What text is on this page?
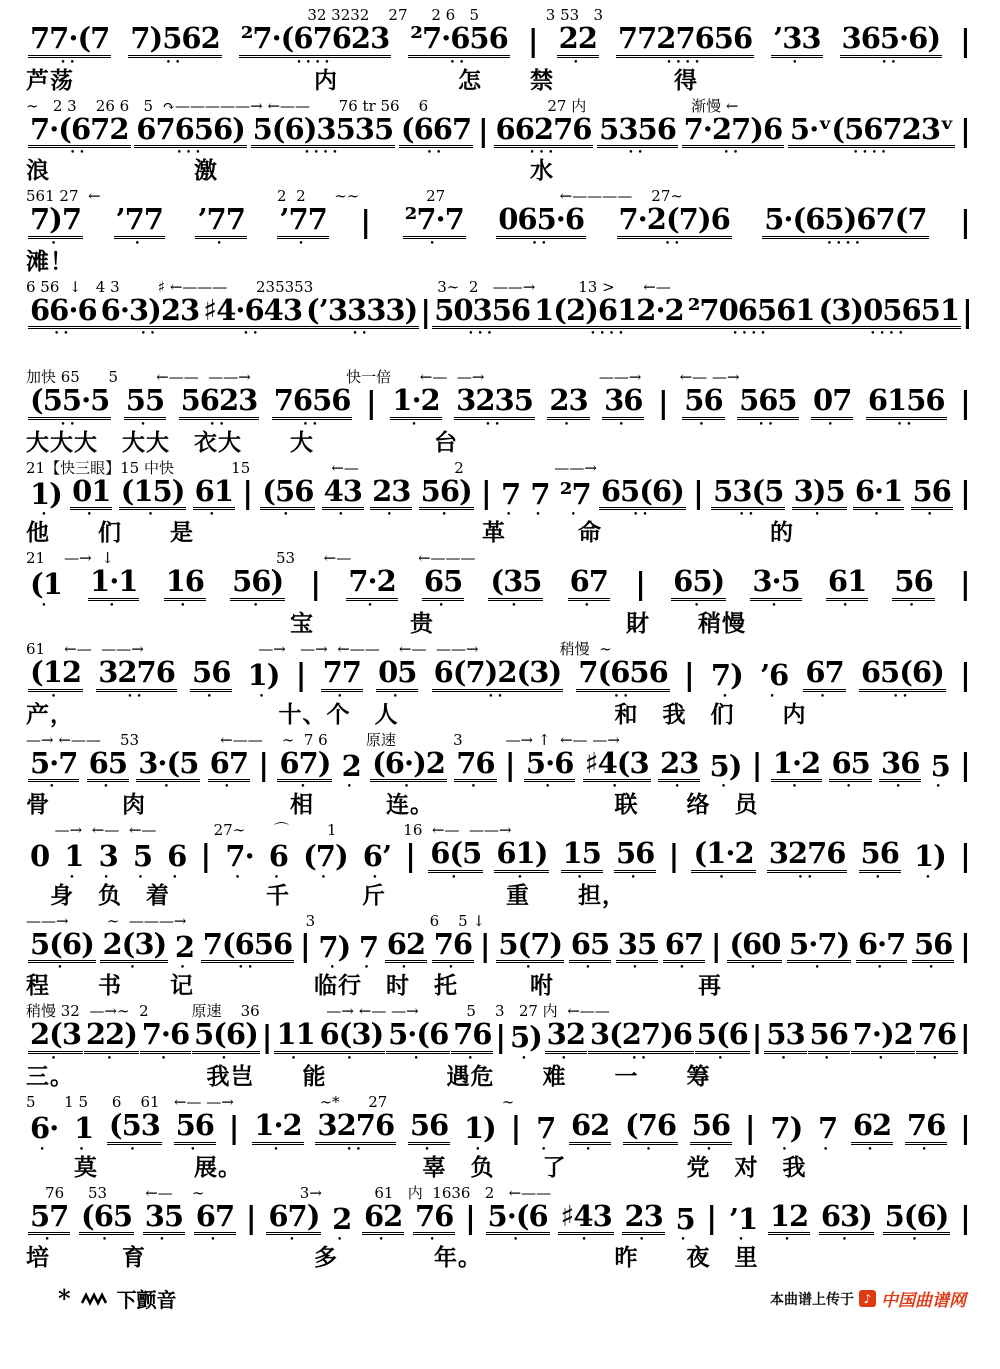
32 3232    27     2 6   5              3 53   3
77·(7
••
7)562
••
²7·(67623
••••
²7·656
••
| 22
•
7727656
••••
’33
•
365·6)
••
|
芦荡　　　　　　　　　　内　　　　　怎　　禁　　　　　得
∼   2 3    26 6   5  ↷—————→ ←——      76 tr 56    6                         27 内                      渐慢 ←
7·(672
••
67656)
•••
5(6)3535
••••
(667
••
| 66276
•••
5356
••
7·27)6
••
5·ᵛ(56723ᵛ
••••
|
浪　　　　　　激　　　　　　　　　　　　　水
561 27  ←                                     2  2      ∼∼              27                        ←————    27∼
7)7
•
’77
•
’77
•
’77
•
| ²7·7
•
065·6
••
7·2(7)6
••
5·(65)67(7
••••
|
滩！
6 56  ↓   4 3        ♯ ←———      235353                          3∼  2   ——→         13 >      ←—
66·6
••
6·3)23
••
♯4·643
••
(’3333)
••
| 50356
•••
1(2)612·2
••••
²706561
••••
(3)05651
••••
|

加快 65      5        ←——  ——→                    快一倍      ←—  —→                        ——→        ←— —→
(55·5
••
55
•
5623
••
7656
••
| 1·2
•
3235
••
23
•
36
•
| 56
•
565
••
07
•
6156
••
|
大大大　大大　衣大　　大　　　　　台
21【快三眼】15 中快            15                 ←—                    2                   ——→
1)
•
01
•
(15)
•
61
•
| (56
•
43
•
23
•
56)
•
| 7
•
7
•
²7
•
65(6)
••
| 53(5
••
3)5
•
6·1
•
56
•
|
他　　们　　是　　　　　　　　　　　　革　　　命　　　　　　　的
21    —→  ↓                                  53      ←—              ←———
(1
•
1·1
•
16
•
56)
•
| 7·2
•
65
•
(35
•
67
•
| 65)
•
3·5
•
61
•
56
•
|
　　　　　　　　　　　宝　　　　贵　　　　　　　　財　　稍慢
61    ←—  ——→                        —→   —→  ←——    ←—  ——→                 稍慢  ∼
(12
•
3276
••
56
•
1)
•
| 77
•
05
•
6(7)2(3)
••
7(656
••
| 7)
•
’6
•
67
•
65(6)
••
|
产，　　　　　　　　　十、个　人　　　　　　　　　和　我　们　　内
—→ ←——    53                 ←——    ∼  7 6        原速            3         —→ ↑  ←— —→
5·7
•
65
•
3·(5
•
67
•
| 67)
•
2
•
(6·)2
•
76
•
| 5·6
•
♯4(3
•
23
•
5)
•
| 1·2
•
65
•
36
•
5
•
|
骨　　　肉　　　　　　相　　　连。　　　　　　　　联　　络　员
—→  ←—  ←—            27∼      ⌒        1              16  ←—  ——→
0 1
•
3
•
5
•
6
•
| 7·
•
6
•
(7)
•
6’
•
| 6(5
•
61)
•
15
•
56
•
| (1·2
•
3276
••
56
•
1)
•
|
　身　负　着　　　　千　　　斤　　　　　重　　担，
——→        ∼  ———→                         3                        6    5 ↓
5(6)
•
2(3)
•
2
•
7(656
••
| 7)
•
7
•
62
•
76
•
| 5(7)
•
65
•
35
•
67
•
| (60
•
5·7)
•
6·7
•
56
•
|
程　　书　　记　　　　　临行　时　托　　　咐　　　　　　再
稍慢 32  —→∼  2         原速    36              —→ ←— —→          5    3   27 内  ←——
2(3
•
22)
•
7·6
•
5(6)
•
| 11
•
6(3)
•
5·(6
•
76
•
| 5)
•
32
•
3(27)6
••
5(6
•
| 53
•
56
•
7·)2
•
76
•
|
三。　　　　　　我岂　　能　　　　　遇危　　难　　一　　筹
5      1 5     6    61   ←— —→                  ∼*      27                        ∼
6·
•
1
•
(53
•
56
•
| 1·2
•
3276
••
56
•
1)
•
| 7
•
62
•
(76
•
56
•
| 7)
•
7
•
62
•
76
•
|
　　莫　　　　展。　　　　　　　　辜　负　　了　　　　　党　对　我
76     53        ←—    ∼                    3→           61   内  1636   2   ←——
57
•
(65
•
35
•
67
•
| 67)
•
2
•
62
•
76
•
| 5·(6
•
♯43
•
23
•
5
•
| ’1
•
12
•
63)
•
5(6)
•
|
培　　　育　　　　　　　多　　　　年。　　　　　　昨　　夜　里
* 下颤音	本曲谱上传于 ♪ 中国曲谱网
